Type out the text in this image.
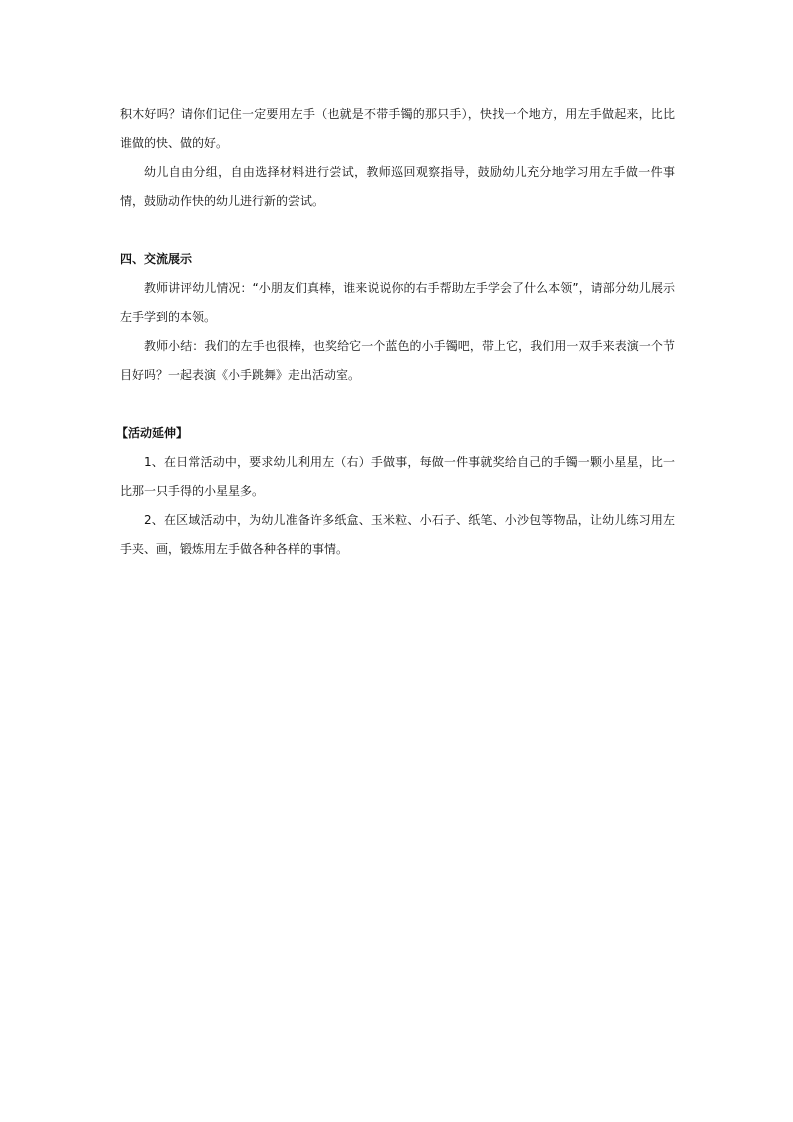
积木好吗？请你们记住一定要用左手（也就是不带手镯的那只手），快找一个地方，用左手做起来，比比谁做的快、做的好。

幼儿自由分组，自由选择材料进行尝试，教师巡回观察指导，鼓励幼儿充分地学习用左手做一件事情，鼓励动作快的幼儿进行新的尝试。

四、交流展示

教师讲评幼儿情况：“小朋友们真棒，谁来说说你的右手帮助左手学会了什么本领”，请部分幼儿展示左手学到的本领。

教师小结：我们的左手也很棒，也奖给它一个蓝色的小手镯吧，带上它，我们用一双手来表演一个节目好吗？一起表演《小手跳舞》走出活动室。

【活动延伸】

1、在日常活动中，要求幼儿利用左（右）手做事，每做一件事就奖给自己的手镯一颗小星星，比一比那一只手得的小星星多。

2、在区域活动中，为幼儿准备许多纸盒、玉米粒、小石子、纸笔、小沙包等物品，让幼儿练习用左手夹、画，锻炼用左手做各种各样的事情。
